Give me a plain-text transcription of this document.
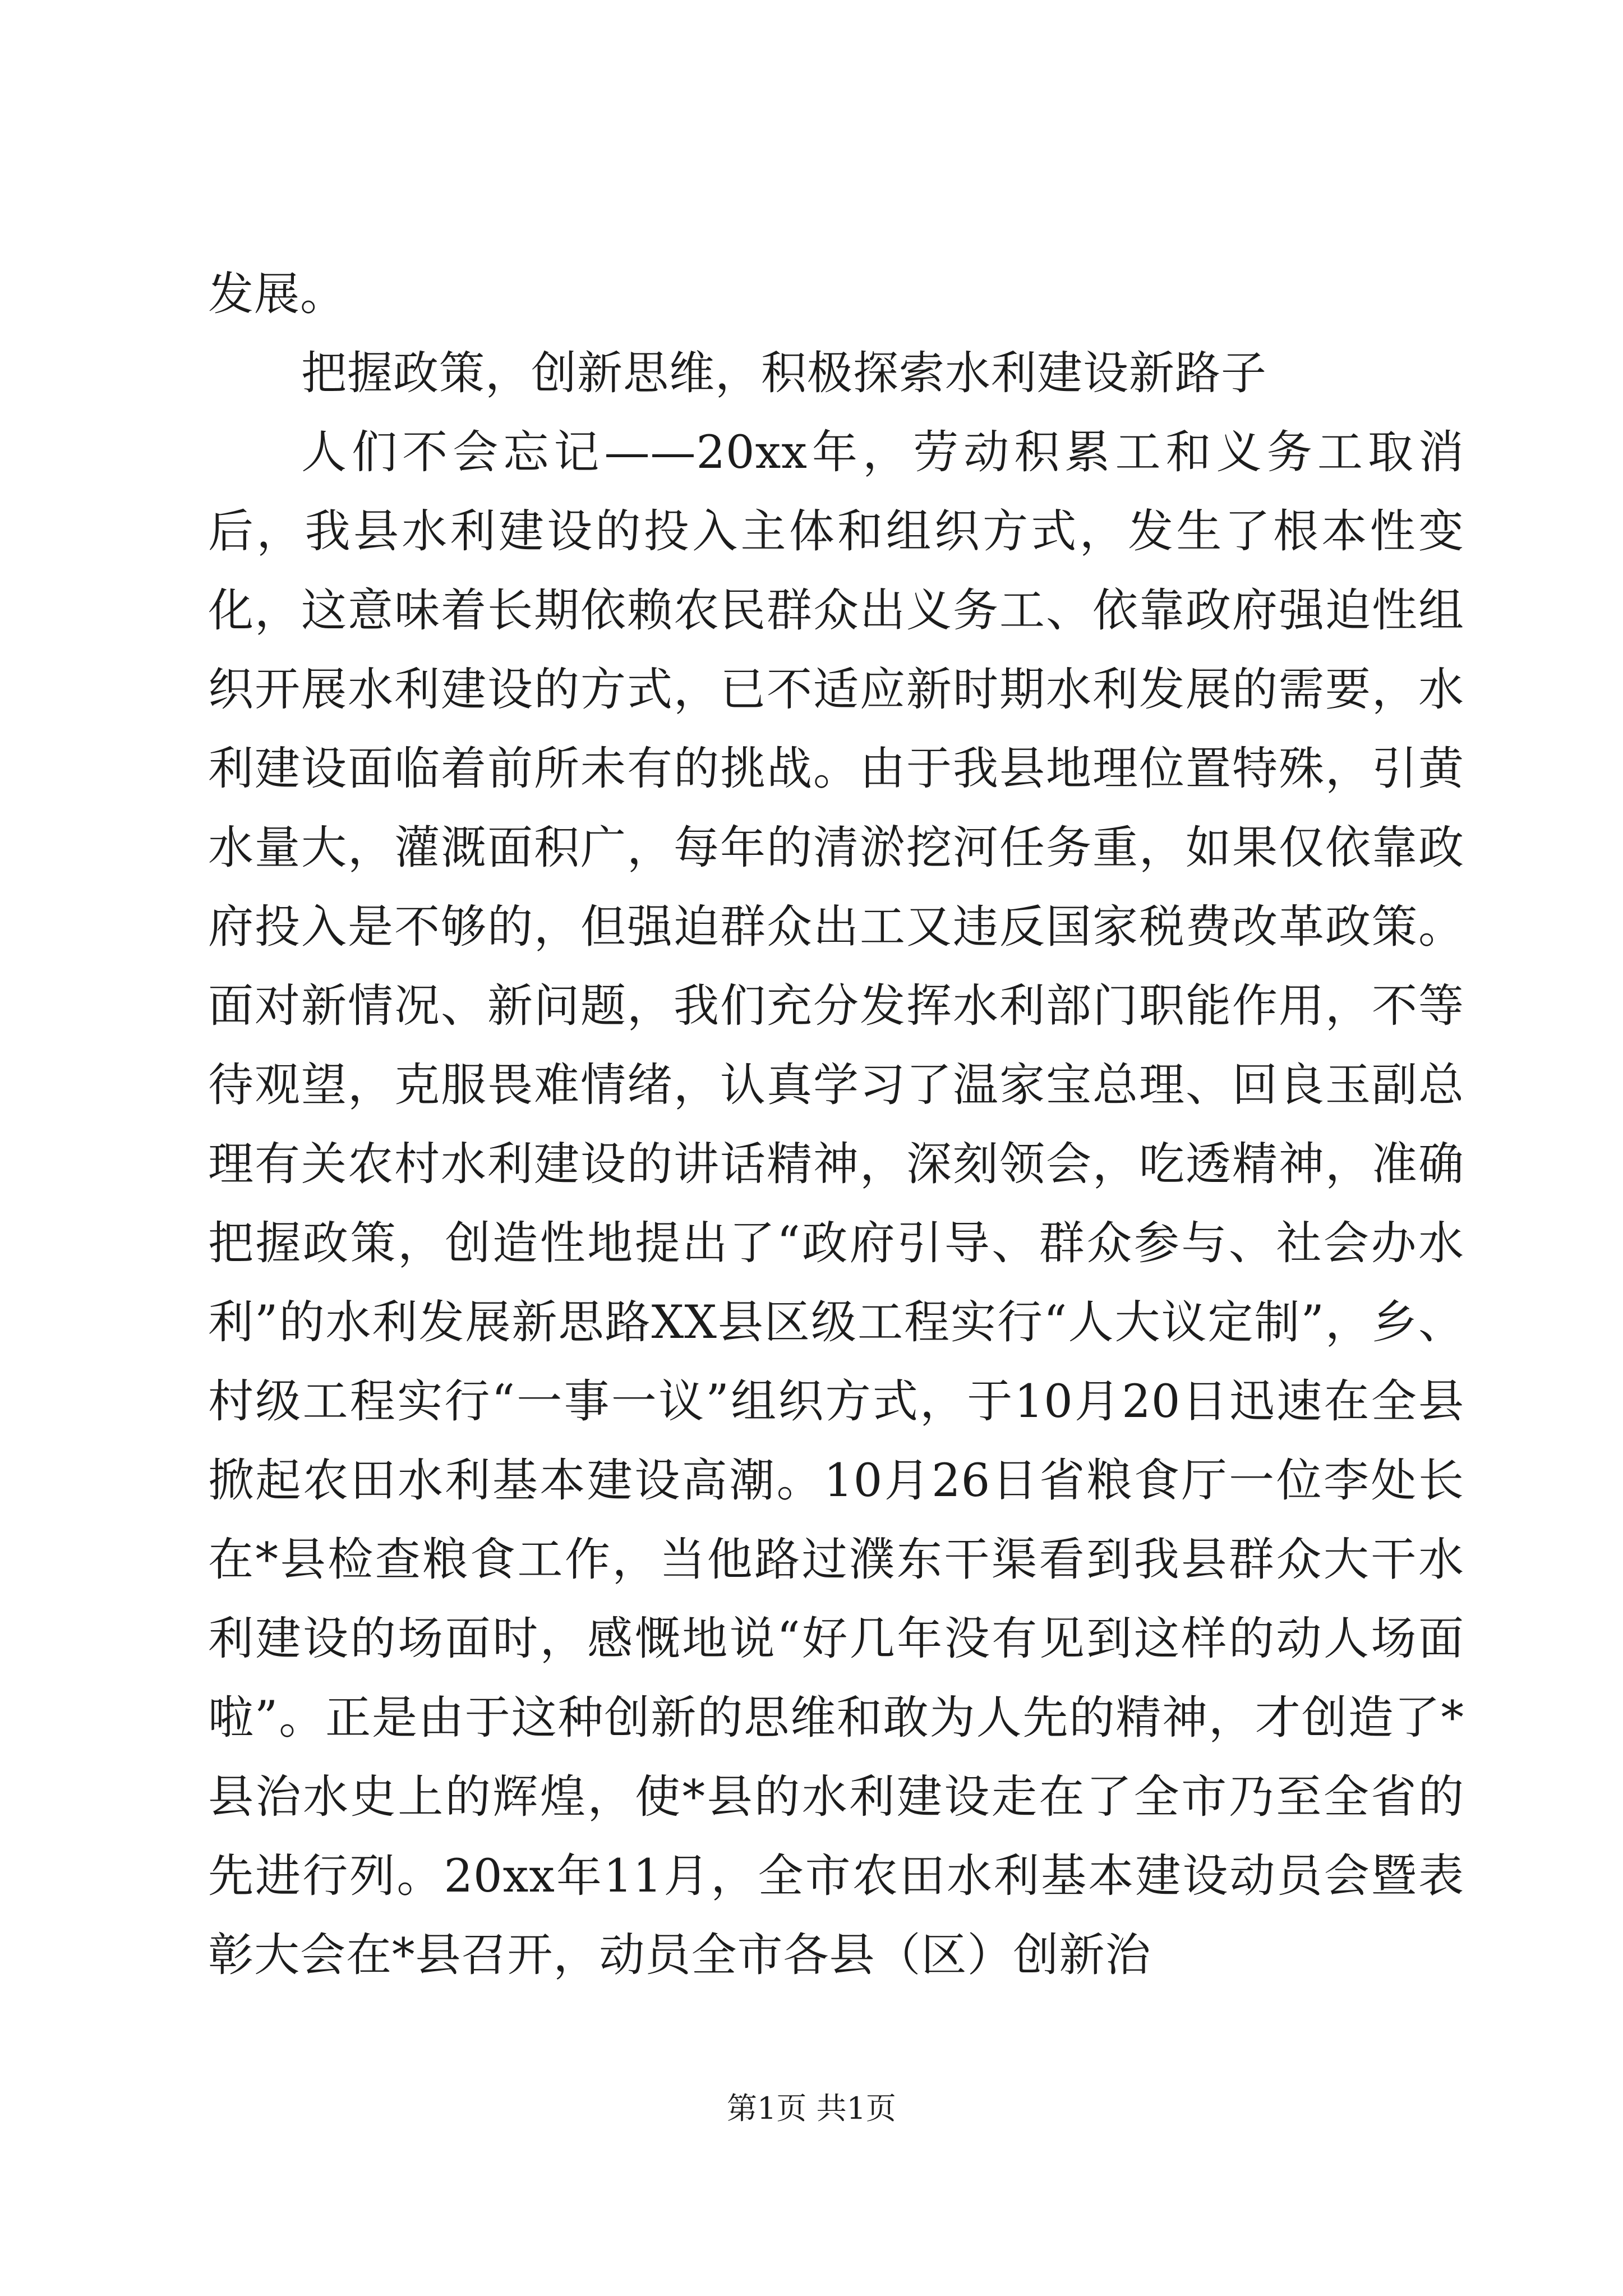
发展。

把握政策，创新思维，积极探索水利建设新路子

人们不会忘记——20xx年，劳动积累工和义务工取消后，我县水利建设的投入主体和组织方式，发生了根本性变化，这意味着长期依赖农民群众出义务工、依靠政府强迫性组织开展水利建设的方式，已不适应新时期水利发展的需要，水利建设面临着前所未有的挑战。由于我县地理位置特殊，引黄水量大，灌溉面积广，每年的清淤挖河任务重，如果仅依靠政府投入是不够的，但强迫群众出工又违反国家税费改革政策。面对新情况、新问题，我们充分发挥水利部门职能作用，不等待观望，克服畏难情绪，认真学习了温家宝总理、回良玉副总理有关农村水利建设的讲话精神，深刻领会，吃透精神，准确把握政策，创造性地提出了“政府引导、群众参与、社会办水利”的水利发展新思路XX县区级工程实行“人大议定制”，乡、村级工程实行“一事一议”组织方式，于10月20日迅速在全县掀起农田水利基本建设高潮。10月26日省粮食厅一位李处长在*县检查粮食工作，当他路过濮东干渠看到我县群众大干水利建设的场面时，感慨地说“好几年没有见到这样的动人场面啦”。正是由于这种创新的思维和敢为人先的精神，才创造了*县治水史上的辉煌，使*县的水利建设走在了全市乃至全省的先进行列。20xx年11月，全市农田水利基本建设动员会暨表彰大会在*县召开，动员全市各县（区）创新治

第1页 共1页
